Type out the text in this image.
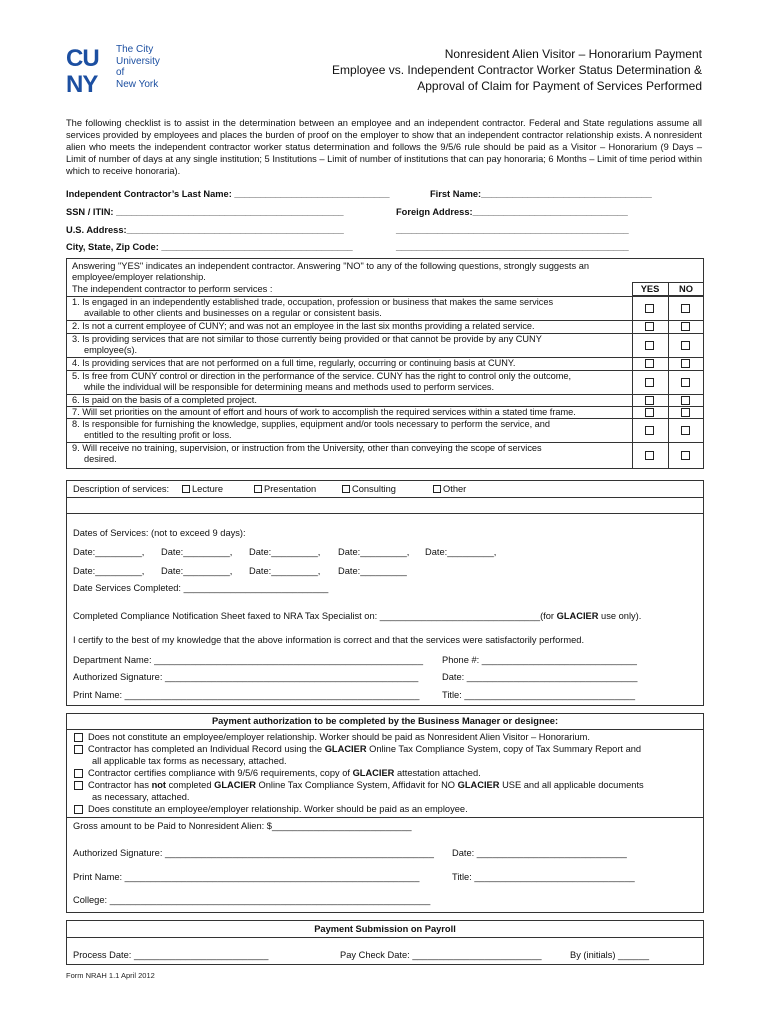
CU
NY
The City
University
of
New York
Nonresident Alien Visitor – Honorarium Payment
Employee vs. Independent Contractor Worker Status Determination &
Approval of Claim for Payment of Services Performed
The following checklist is to assist in the determination between an employee and an independent contractor. Federal and State regulations assume all services provided by employees and places the burden of proof on the employer to show that an independent contractor relationship exists. A nonresident alien who meets the independent contractor worker status determination and follows the 9/5/6 rule should be paid as a Visitor – Honorarium (9 Days – Limit of number of days at any single institution; 5 Institutions – Limit of number of institutions that can pay honoraria; 6 Months – Limit of time period within which to receive honoraria).
Independent Contractor’s Last Name: ______________________________	First Name:_________________________________
SSN / ITIN: ____________________________________________	Foreign Address:______________________________
U.S. Address:__________________________________________	_____________________________________________
City, State, Zip Code: _____________________________________	_____________________________________________
Answering "YES" indicates an independent contractor. Answering "NO" to any of the following questions, strongly suggests an
employee/employer relationship.
The independent contractor to perform services :	YES	NO
1. Is engaged in an independently established trade, occupation, profession or business that makes the same services
available to other clients and businesses on a regular or consistent basis.
2. Is not a current employee of CUNY; and was not an employee in the last six months providing a related service.
3. Is providing services that are not similar to those currently being provided or that cannot be provide by any CUNY
employee(s).
4. Is providing services that are not performed on a full time, regularly, occurring or continuing basis at CUNY.
5. Is free from CUNY control or direction in the performance of the service. CUNY has the right to control only the outcome,
while the individual will be responsible for determining means and methods used to perform services.
6. Is paid on the basis of a completed project.
7. Will set priorities on the amount of effort and hours of work to accomplish the required services within a stated time frame.
8. Is responsible for furnishing the knowledge, supplies, equipment and/or tools necessary to perform the service, and
entitled to the resulting profit or loss.
9. Will receive no training, supervision, or instruction from the University, other than conveying the scope of services
desired.
Description of services:	Lecture	Presentation	Consulting	Other
Dates of Services: (not to exceed 9 days):
Date:_________, Date:_________, Date:_________, Date:_________, Date:_________,
Date:_________, Date:_________, Date:_________, Date:_________
Date Services Completed: ____________________________
Completed Compliance Notification Sheet faxed to NRA Tax Specialist on: _______________________________(for GLACIER use only).
I certify to the best of my knowledge that the above information is correct and that the services were satisfactorily performed.
Department Name: ____________________________________________________ Phone #: ______________________________
Authorized Signature: _________________________________________________	Date: _________________________________
Print Name: _________________________________________________________ Title: _________________________________
Payment authorization to be completed by the Business Manager or designee:
Does not constitute an employee/employer relationship. Worker should be paid as Nonresident Alien Visitor – Honorarium.
Contractor has completed an Individual Record using the GLACIER Online Tax Compliance System, copy of Tax Summary Report and
all applicable tax forms as necessary, attached.
Contractor certifies compliance with 9/5/6 requirements, copy of GLACIER attestation attached.
Contractor has not completed GLACIER Online Tax Compliance System, Affidavit for NO GLACIER USE and all applicable documents
as necessary, attached.
Does constitute an employee/employer relationship. Worker should be paid as an employee.
Gross amount to be Paid to Nonresident Alien: $___________________________
Authorized Signature: ____________________________________________________ Date: _____________________________
Print Name: _________________________________________________________	Title: _______________________________
College: ______________________________________________________________
Payment Submission on Payroll
Process Date: __________________________	Pay Check Date: _________________________	By (initials) ______
Form NRAH 1.1 April 2012
